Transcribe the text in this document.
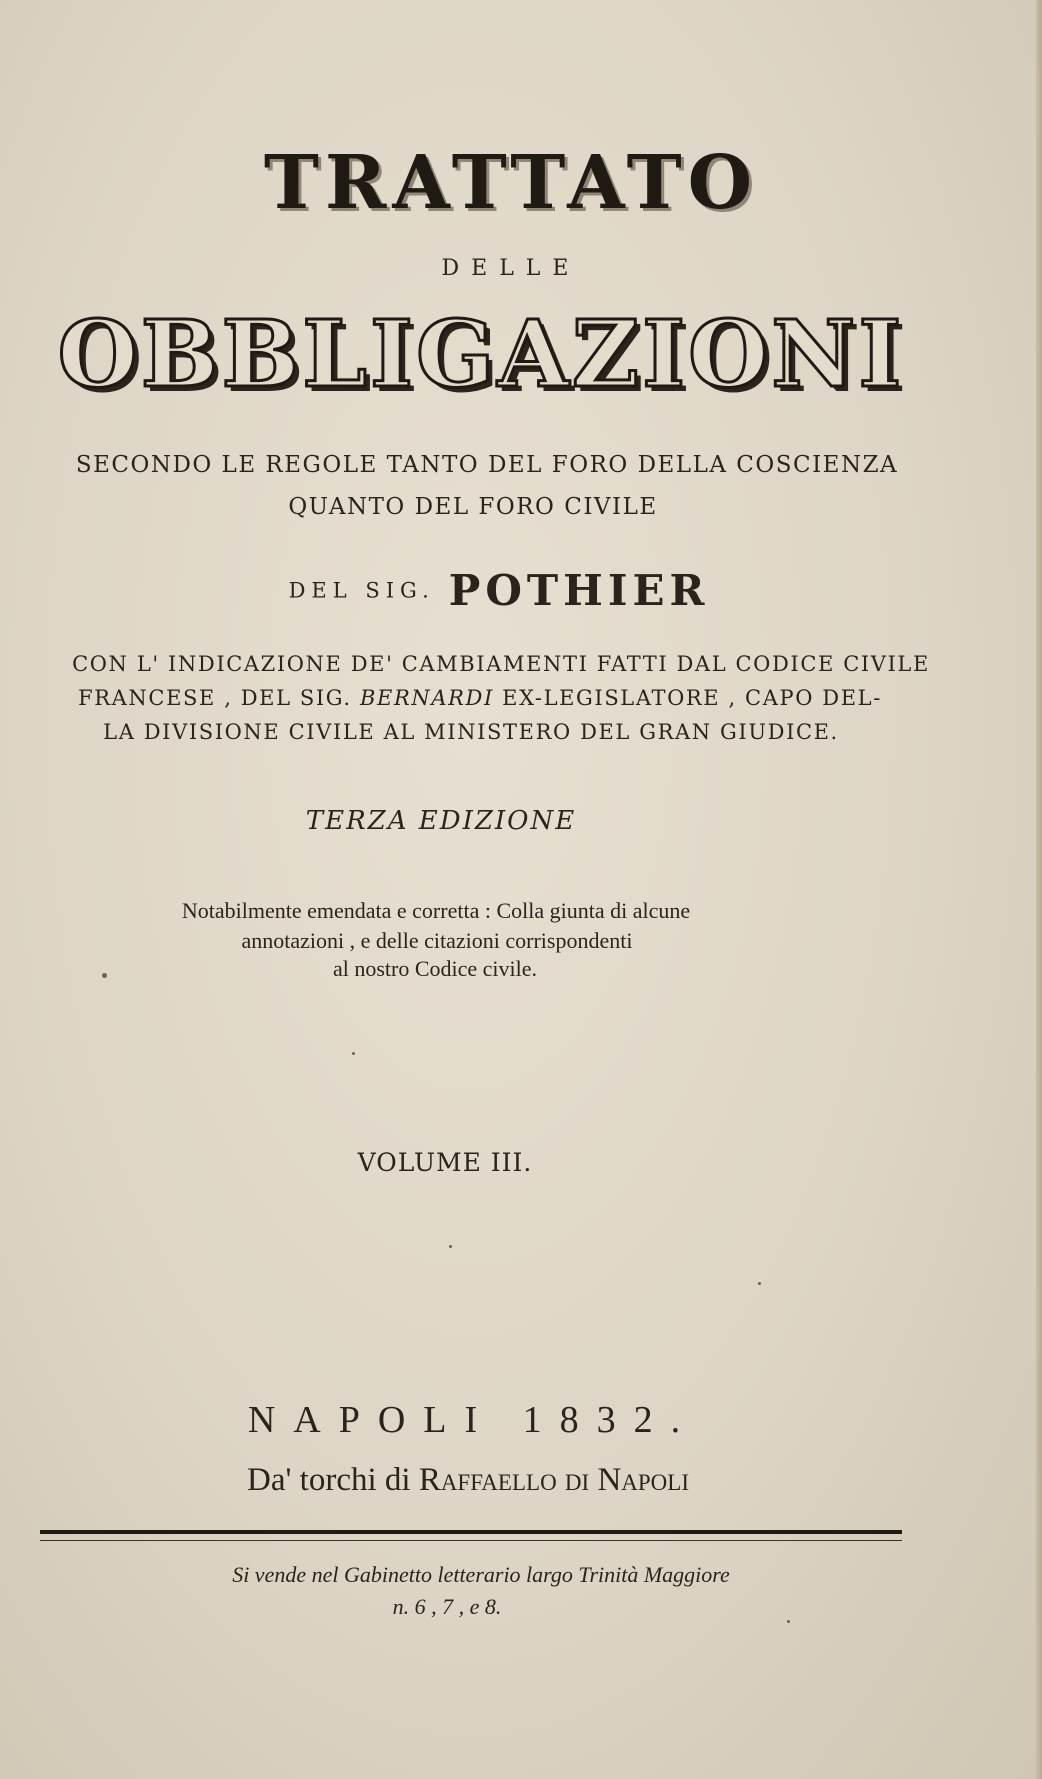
TRATTATO
DELLE
OBBLIGAZIONI
SECONDO LE REGOLE TANTO DEL FORO DELLA COSCIENZA
QUANTO DEL FORO CIVILE
DEL SIG. POTHIER
CON L' INDICAZIONE DE' CAMBIAMENTI FATTI DAL CODICE CIVILE
FRANCESE , DEL SIG. BERNARDI EX-LEGISLATORE , CAPO DEL-
LA DIVISIONE CIVILE AL MINISTERO DEL GRAN GIUDICE.
TERZA EDIZIONE
Notabilmente emendata e corretta : Colla giunta di alcune
annotazioni , e delle citazioni corrispondenti
al nostro Codice civile.
VOLUME III.
NAPOLI 1832.
Da' torchi di Raffaello di Napoli
Si vende nel Gabinetto letterario largo Trinità Maggiore
n. 6 , 7 , e 8.
